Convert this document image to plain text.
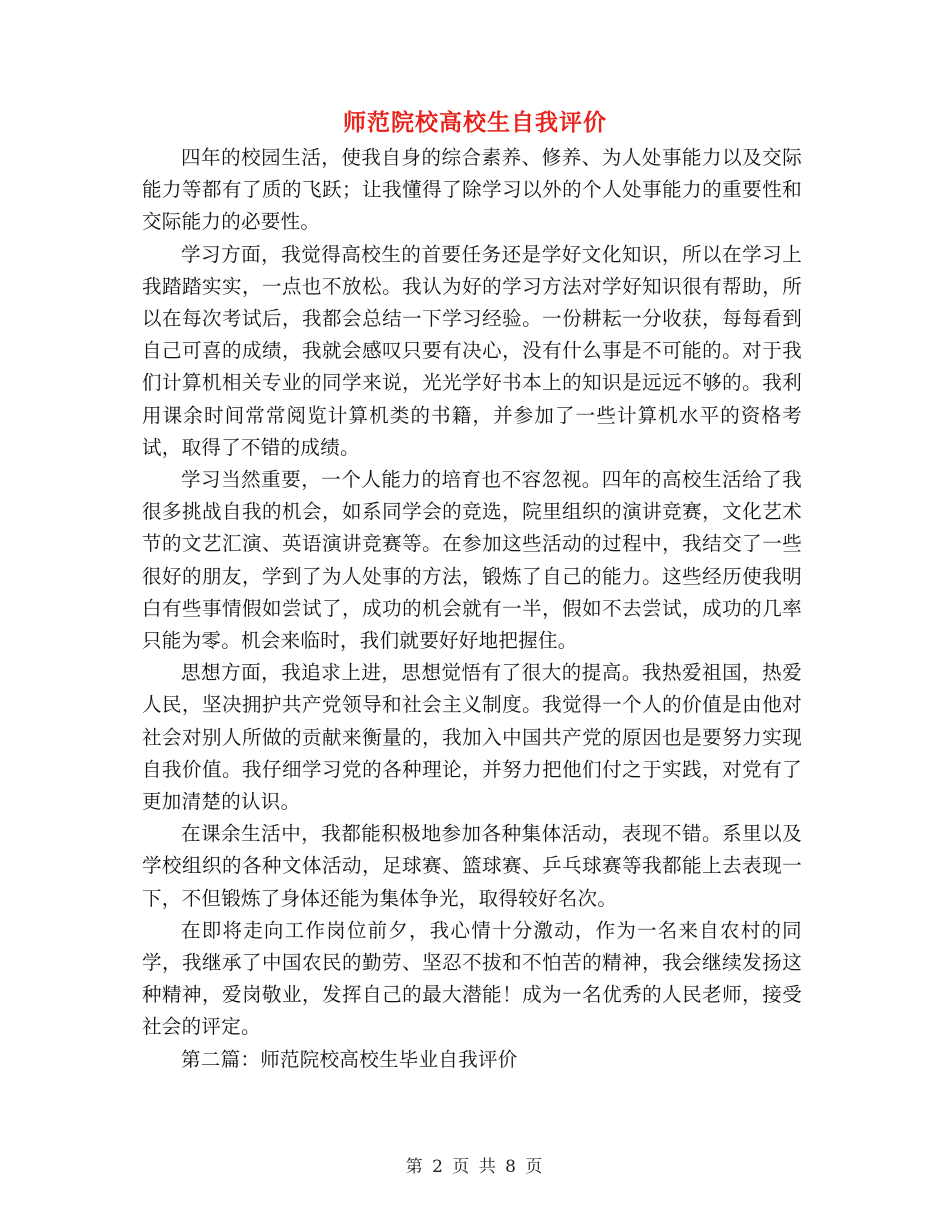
师范院校高校生自我评价

四年的校园生活，使我自身的综合素养、修养、为人处事能力以及交际能力等都有了质的飞跃；让我懂得了除学习以外的个人处事能力的重要性和交际能力的必要性。

学习方面，我觉得高校生的首要任务还是学好文化知识，所以在学习上我踏踏实实，一点也不放松。我认为好的学习方法对学好知识很有帮助，所以在每次考试后，我都会总结一下学习经验。一份耕耘一分收获，每每看到自己可喜的成绩，我就会感叹只要有决心，没有什么事是不可能的。对于我们计算机相关专业的同学来说，光光学好书本上的知识是远远不够的。我利用课余时间常常阅览计算机类的书籍，并参加了一些计算机水平的资格考试，取得了不错的成绩。

学习当然重要，一个人能力的培育也不容忽视。四年的高校生活给了我很多挑战自我的机会，如系同学会的竞选，院里组织的演讲竞赛，文化艺术节的文艺汇演、英语演讲竞赛等。在参加这些活动的过程中，我结交了一些很好的朋友，学到了为人处事的方法，锻炼了自己的能力。这些经历使我明白有些事情假如尝试了，成功的机会就有一半，假如不去尝试，成功的几率只能为零。机会来临时，我们就要好好地把握住。

思想方面，我追求上进，思想觉悟有了很大的提高。我热爱祖国，热爱人民，坚决拥护共产党领导和社会主义制度。我觉得一个人的价值是由他对社会对别人所做的贡献来衡量的，我加入中国共产党的原因也是要努力实现自我价值。我仔细学习党的各种理论，并努力把他们付之于实践，对党有了更加清楚的认识。

在课余生活中，我都能积极地参加各种集体活动，表现不错。系里以及学校组织的各种文体活动，足球赛、篮球赛、乒乓球赛等我都能上去表现一下，不但锻炼了身体还能为集体争光，取得较好名次。

在即将走向工作岗位前夕，我心情十分激动，作为一名来自农村的同学，我继承了中国农民的勤劳、坚忍不拔和不怕苦的精神，我会继续发扬这种精神，爱岗敬业，发挥自己的最大潜能！成为一名优秀的人民老师，接受社会的评定。

第二篇：师范院校高校生毕业自我评价

第 2 页 共 8 页
